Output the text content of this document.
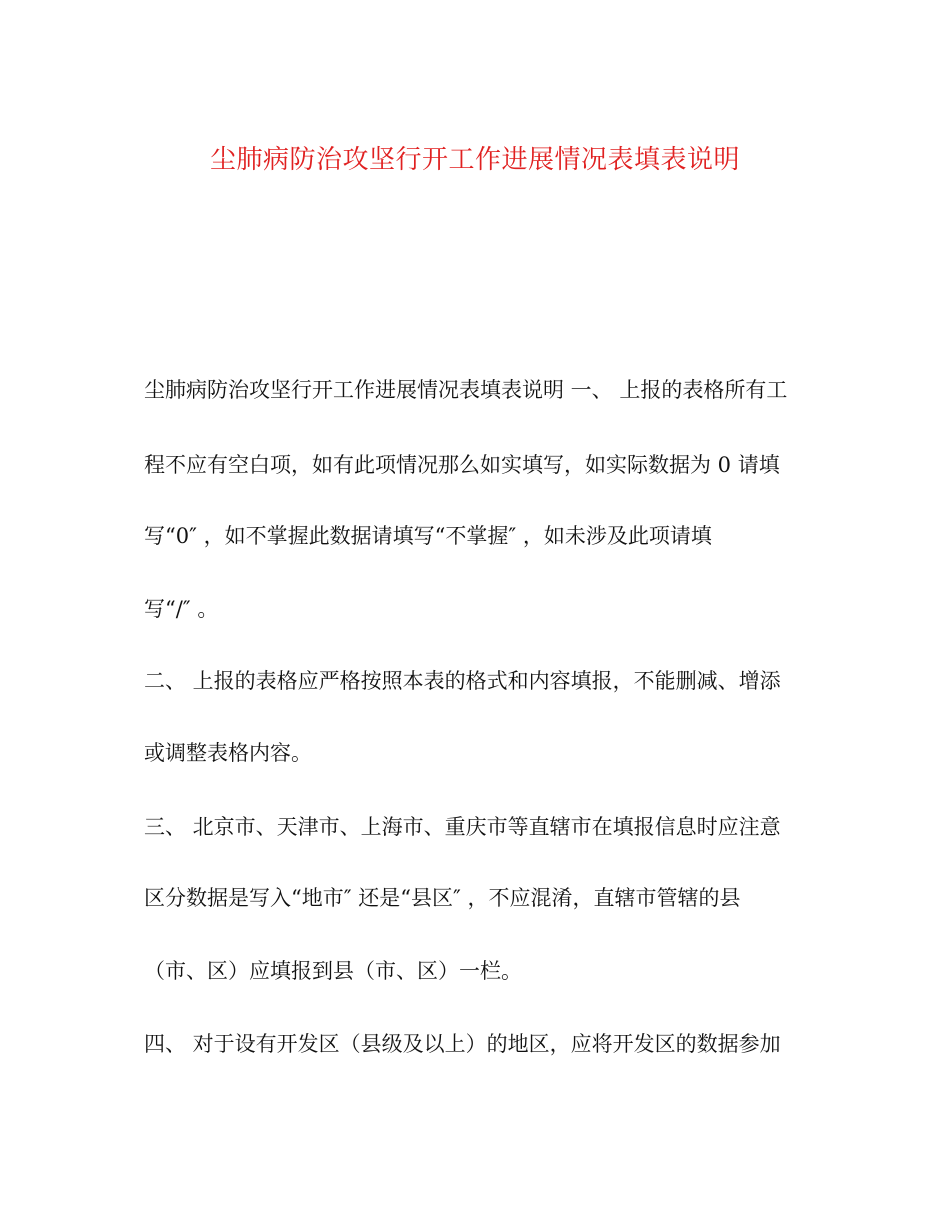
尘肺病防治攻坚行开工作进展情况表填表说明
尘肺病防治攻坚行开工作进展情况表填表说明 一、 上报的表格所有工
程不应有空白项，如有此项情况那么如实填写，如实际数据为 0 请填
写“0″ ，如不掌握此数据请填写“不掌握″ ，如未涉及此项请填
写“/″ 。
二、 上报的表格应严格按照本表的格式和内容填报，不能删减、增添
或调整表格内容。
三、 北京市、天津市、上海市、重庆市等直辖市在填报信息时应注意
区分数据是写入“地市″ 还是“县区″ ，不应混淆，直辖市管辖的县
（市、区）应填报到县（市、区）一栏。
四、 对于设有开发区（县级及以上）的地区，应将开发区的数据参加
